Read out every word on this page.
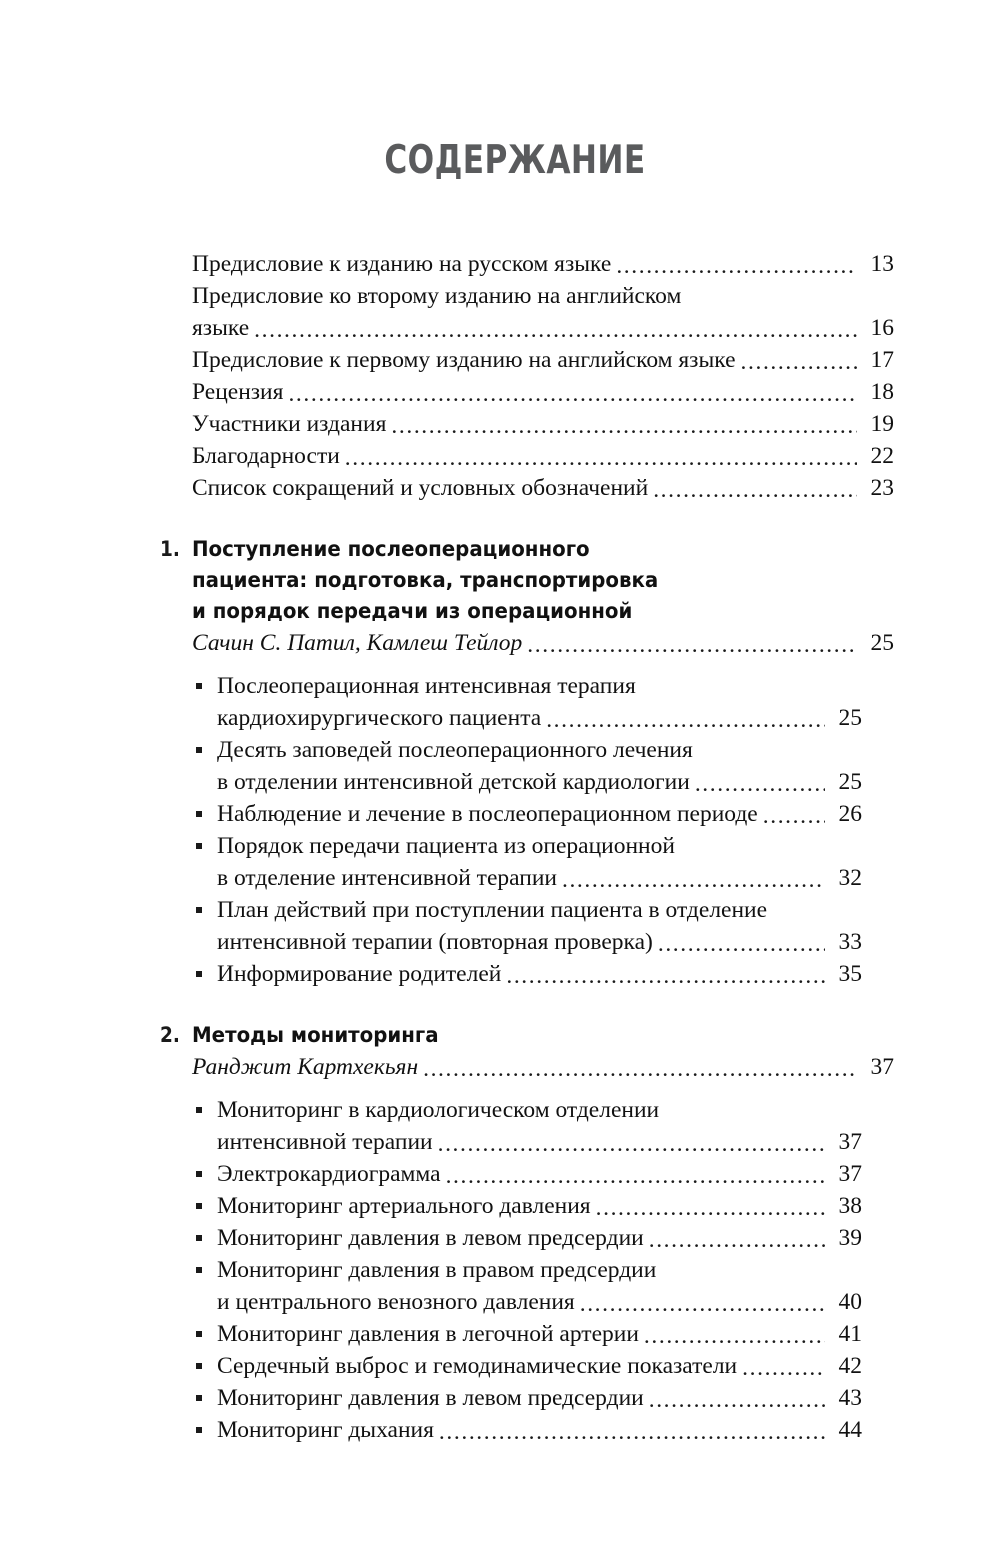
СОДЕРЖАНИЕ
Предисловие к изданию на русском языке .....	13
Предисловие ко второму изданию на английском
языке .....	16
Предисловие к первому изданию на английском языке .....	17
Рецензия .....	18
Участники издания .....	19
Благодарности .....	22
Список сокращений и условных обозначений .....	23
1. Поступление послеоперационного
пациента: подготовка, транспортировка
и порядок передачи из операционной
Сачин С. Патил, Камлеш Тейлор .....	25
Послеоперационная интенсивная терапия
кардиохирургического пациента .....	25
Десять заповедей послеоперационного лечения
в отделении интенсивной детской кардиологии .....	25
Наблюдение и лечение в послеоперационном периоде .....	26
Порядок передачи пациента из операционной
в отделение интенсивной терапии .....	32
План действий при поступлении пациента в отделение
интенсивной терапии (повторная проверка) .....	33
Информирование родителей .....	35
2. Методы мониторинга
Ранджит Картхекьян .....	37
Мониторинг в кардиологическом отделении
интенсивной терапии .....	37
Электрокардиограмма .....	37
Мониторинг артериального давления .....	38
Мониторинг давления в левом предсердии .....	39
Мониторинг давления в правом предсердии
и центрального венозного давления .....	40
Мониторинг давления в легочной артерии .....	41
Сердечный выброс и гемодинамические показатели .....	42
Мониторинг давления в левом предсердии .....	43
Мониторинг дыхания .....	44
